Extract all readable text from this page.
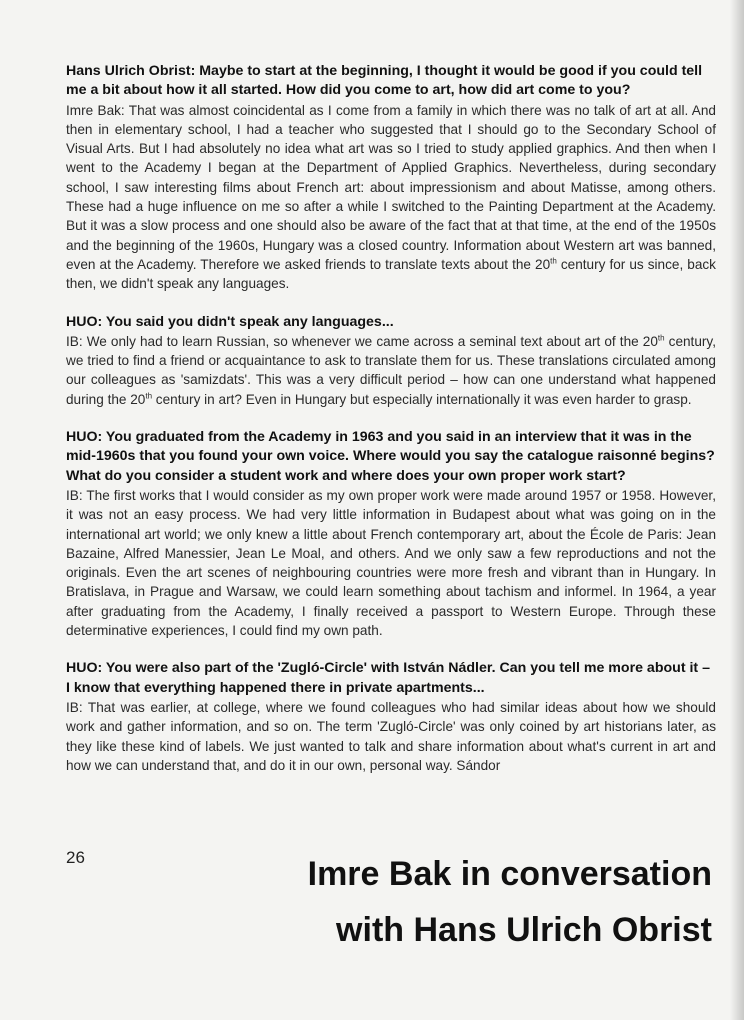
Hans Ulrich Obrist: Maybe to start at the beginning, I thought it would be good if you could tell me a bit about how it all started. How did you come to art, how did art come to you?
Imre Bak: That was almost coincidental as I come from a family in which there was no talk of art at all. And then in elementary school, I had a teacher who suggested that I should go to the Secondary School of Visual Arts. But I had absolutely no idea what art was so I tried to study applied graphics. And then when I went to the Academy I began at the Department of Applied Graphics. Nevertheless, during secondary school, I saw interesting films about French art: about impressionism and about Matisse, among others. These had a huge influence on me so after a while I switched to the Painting Department at the Academy. But it was a slow process and one should also be aware of the fact that at that time, at the end of the 1950s and the beginning of the 1960s, Hungary was a closed country. Information about Western art was banned, even at the Academy. Therefore we asked friends to translate texts about the 20th century for us since, back then, we didn't speak any languages.
HUO: You said you didn't speak any languages...
IB: We only had to learn Russian, so whenever we came across a seminal text about art of the 20th century, we tried to find a friend or acquaintance to ask to translate them for us. These translations circulated among our colleagues as 'samizdats'. This was a very difficult period – how can one understand what happened during the 20th century in art? Even in Hungary but especially internationally it was even harder to grasp.
HUO: You graduated from the Academy in 1963 and you said in an interview that it was in the mid-1960s that you found your own voice. Where would you say the catalogue raisonné begins? What do you consider a student work and where does your own proper work start?
IB: The first works that I would consider as my own proper work were made around 1957 or 1958. However, it was not an easy process. We had very little information in Budapest about what was going on in the international art world; we only knew a little about French contemporary art, about the École de Paris: Jean Bazaine, Alfred Manessier, Jean Le Moal, and others. And we only saw a few reproductions and not the originals. Even the art scenes of neighbouring countries were more fresh and vibrant than in Hungary. In Bratislava, in Prague and Warsaw, we could learn something about tachism and informel. In 1964, a year after graduating from the Academy, I finally received a passport to Western Europe. Through these determinative experiences, I could find my own path.
HUO: You were also part of the 'Zugló-Circle' with István Nádler. Can you tell me more about it – I know that everything happened there in private apartments...
IB: That was earlier, at college, where we found colleagues who had similar ideas about how we should work and gather information, and so on. The term 'Zugló-Circle' was only coined by art historians later, as they like these kind of labels. We just wanted to talk and share information about what's current in art and how we can understand that, and do it in our own, personal way. Sándor
26	Imre Bak in conversation
with Hans Ulrich Obrist
